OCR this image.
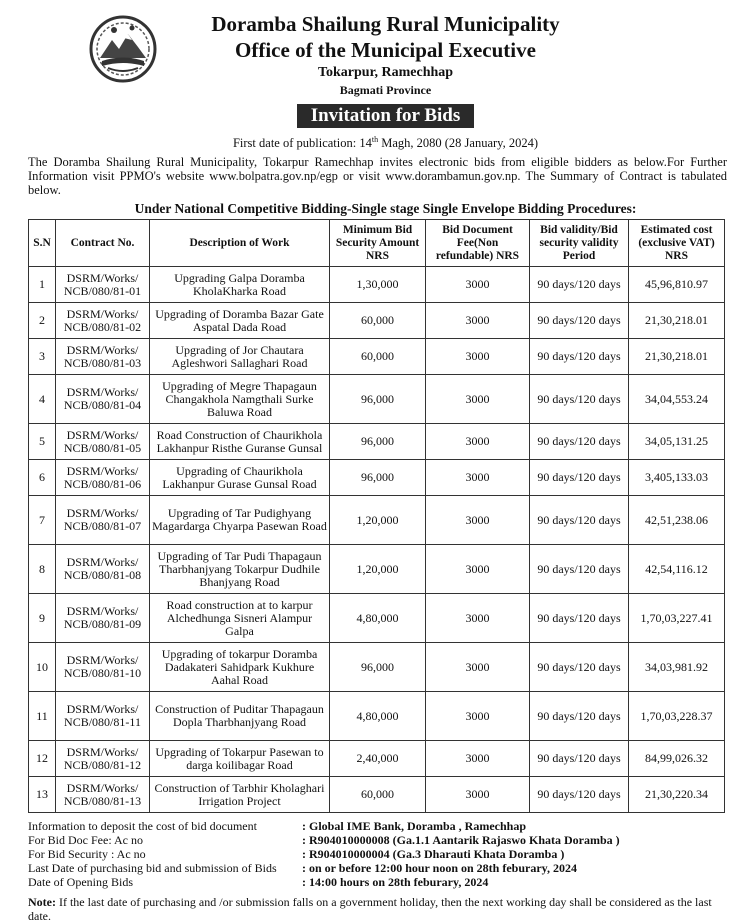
Doramba Shailung Rural Municipality
Office of the Municipal Executive
Tokarpur, Ramechhap
Bagmati Province
Invitation for Bids
First date of publication: 14th Magh, 2080 (28 January, 2024)
The Doramba Shailung Rural Municipality, Tokarpur Ramechhap invites electronic bids from eligible bidders as below.For Further Information visit PPMO's website www.bolpatra.gov.np/egp or visit www.dorambamun.gov.np. The Summary of Contract is tabulated below.
Under National Competitive Bidding-Single stage Single Envelope Bidding Procedures:
S.N	Contract No.	Description of Work	Minimum Bid Security Amount NRS	Bid Document Fee(Non refundable) NRS	Bid validity/Bid security validity Period	Estimated cost (exclusive VAT) NRS
1	DSRM/Works/ NCB/080/81-01	Upgrading Galpa Doramba KholaKharka Road	1,30,000	3000	90 days/120 days	45,96,810.97
2	DSRM/Works/ NCB/080/81-02	Upgrading of Doramba Bazar Gate Aspatal Dada Road	60,000	3000	90 days/120 days	21,30,218.01
3	DSRM/Works/ NCB/080/81-03	Upgrading of Jor Chautara Agleshwori Sallaghari Road	60,000	3000	90 days/120 days	21,30,218.01
4	DSRM/Works/ NCB/080/81-04	Upgrading of Megre Thapagaun Changakhola Namgthali Surke Baluwa Road	96,000	3000	90 days/120 days	34,04,553.24
5	DSRM/Works/ NCB/080/81-05	Road Construction of Chaurikhola Lakhanpur Risthe Guranse Gunsal	96,000	3000	90 days/120 days	34,05,131.25
6	DSRM/Works/ NCB/080/81-06	Upgrading of Chaurikhola Lakhanpur Gurase Gunsal Road	96,000	3000	90 days/120 days	3,405,133.03
7	DSRM/Works/ NCB/080/81-07	Upgrading of Tar Pudighyang Magardarga Chyarpa Pasewan Road	1,20,000	3000	90 days/120 days	42,51,238.06
8	DSRM/Works/ NCB/080/81-08	Upgrading of Tar Pudi Thapagaun Tharbhanjyang Tokarpur Dudhile Bhanjyang Road	1,20,000	3000	90 days/120 days	42,54,116.12
9	DSRM/Works/ NCB/080/81-09	Road construction at to karpur Alchedhunga Sisneri Alampur Galpa	4,80,000	3000	90 days/120 days	1,70,03,227.41
10	DSRM/Works/ NCB/080/81-10	Upgrading of tokarpur Doramba Dadakateri Sahidpark Kukhure Aahal Road	96,000	3000	90 days/120 days	34,03,981.92
11	DSRM/Works/ NCB/080/81-11	Construction of Puditar Thapagaun Dopla Tharbhanjyang Road	4,80,000	3000	90 days/120 days	1,70,03,228.37
12	DSRM/Works/ NCB/080/81-12	Upgrading of Tokarpur Pasewan to darga koilibagar Road	2,40,000	3000	90 days/120 days	84,99,026.32
13	DSRM/Works/ NCB/080/81-13	Construction of Tarbhir Kholaghari Irrigation Project	60,000	3000	90 days/120 days	21,30,220.34
Information to deposit the cost of bid document	: Global IME Bank, Doramba , Ramechhap
For Bid Doc Fee: Ac no	: R904010000008 (Ga.1.1 Aantarik Rajaswo Khata Doramba )
For Bid Security : Ac no	: R904010000004 (Ga.3 Dharauti Khata Doramba )
Last Date of purchasing bid and submission of Bids	: on or before 12:00 hour noon on 28th feburary, 2024
Date of Opening Bids	: 14:00 hours on 28th feburary, 2024
Note: If the last date of purchasing and /or submission falls on a government holiday, then the next working day shall be considered as the last date.
